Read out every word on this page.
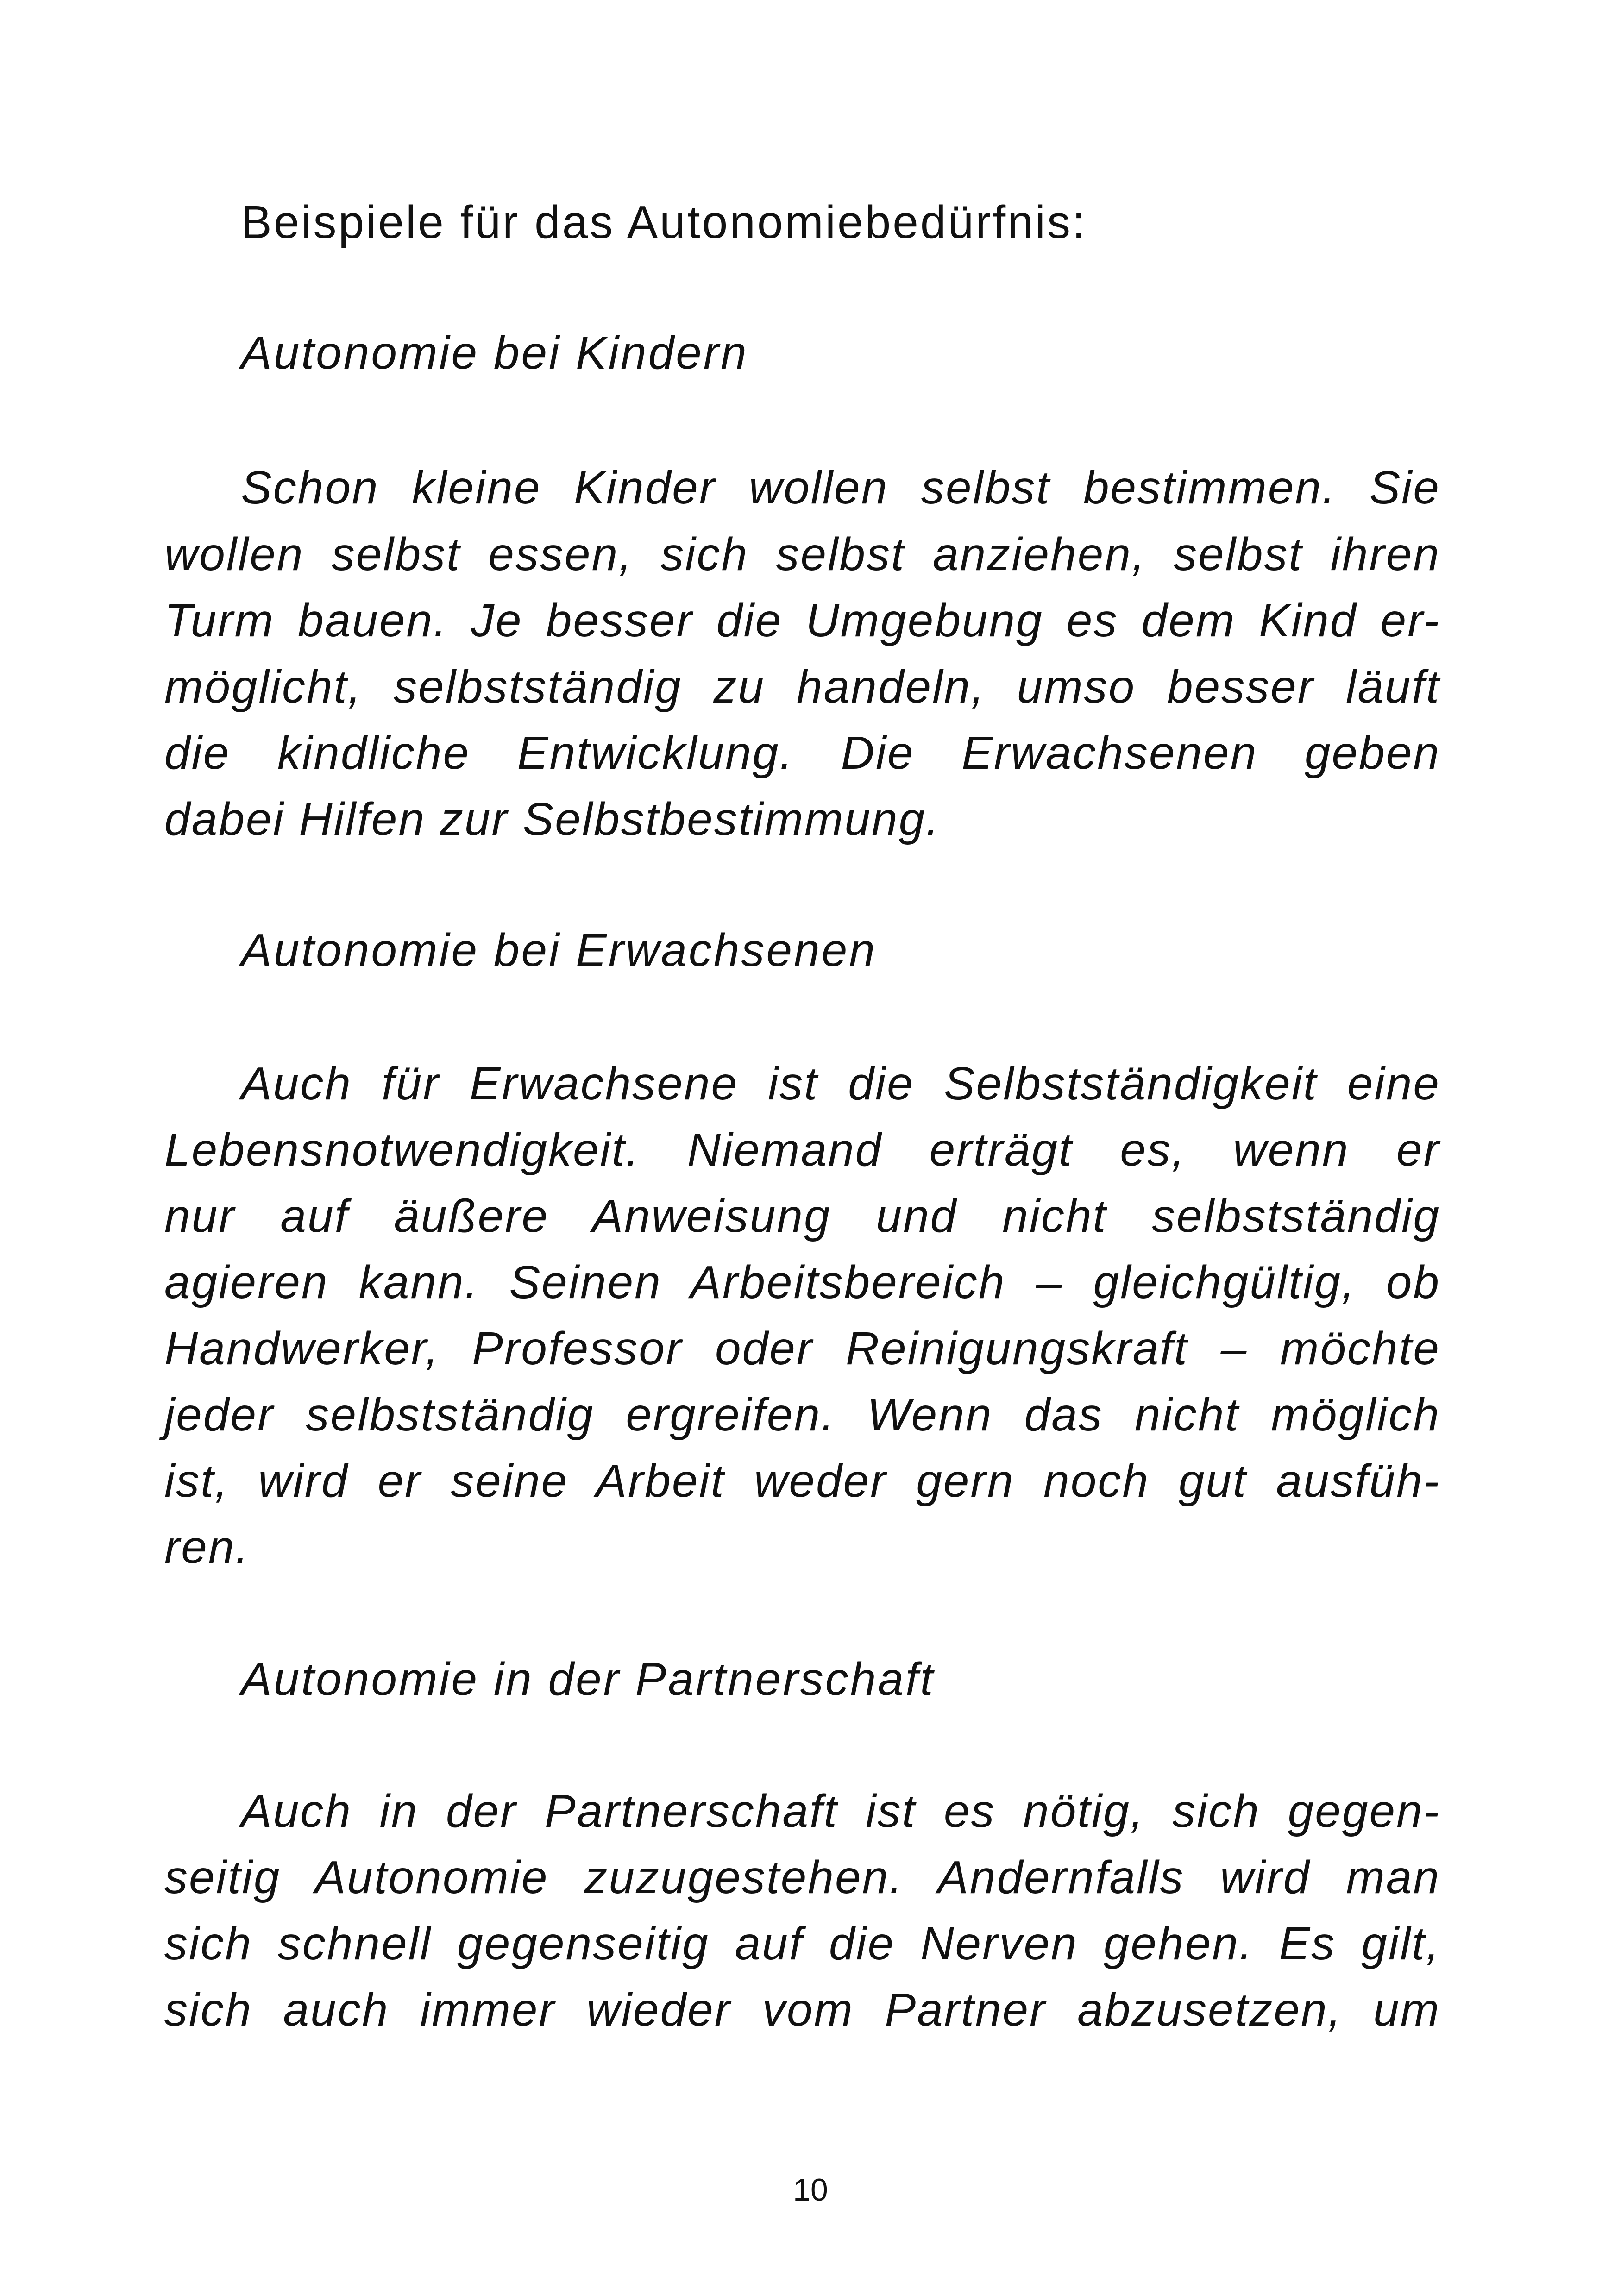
Beispiele für das Autonomiebedürfnis:
Autonomie bei Kindern
Schon kleine Kinder wollen selbst bestimmen. Sie
wollen selbst essen, sich selbst anziehen, selbst ihren
Turm bauen. Je besser die Umgebung es dem Kind er-
möglicht, selbstständig zu handeln, umso besser läuft
die kindliche Entwicklung. Die Erwachsenen geben
dabei Hilfen zur Selbstbestimmung.
Autonomie bei Erwachsenen
Auch für Erwachsene ist die Selbstständigkeit eine
Lebensnotwendigkeit. Niemand erträgt es, wenn er
nur auf äußere Anweisung und nicht selbstständig
agieren kann. Seinen Arbeitsbereich – gleichgültig, ob
Handwerker, Professor oder Reinigungskraft – möchte
jeder selbstständig ergreifen. Wenn das nicht möglich
ist, wird er seine Arbeit weder gern noch gut ausfüh-
ren.
Autonomie in der Partnerschaft
Auch in der Partnerschaft ist es nötig, sich gegen-
seitig Autonomie zuzugestehen. Andernfalls wird man
sich schnell gegenseitig auf die Nerven gehen. Es gilt,
sich auch immer wieder vom Partner abzusetzen, um
10
